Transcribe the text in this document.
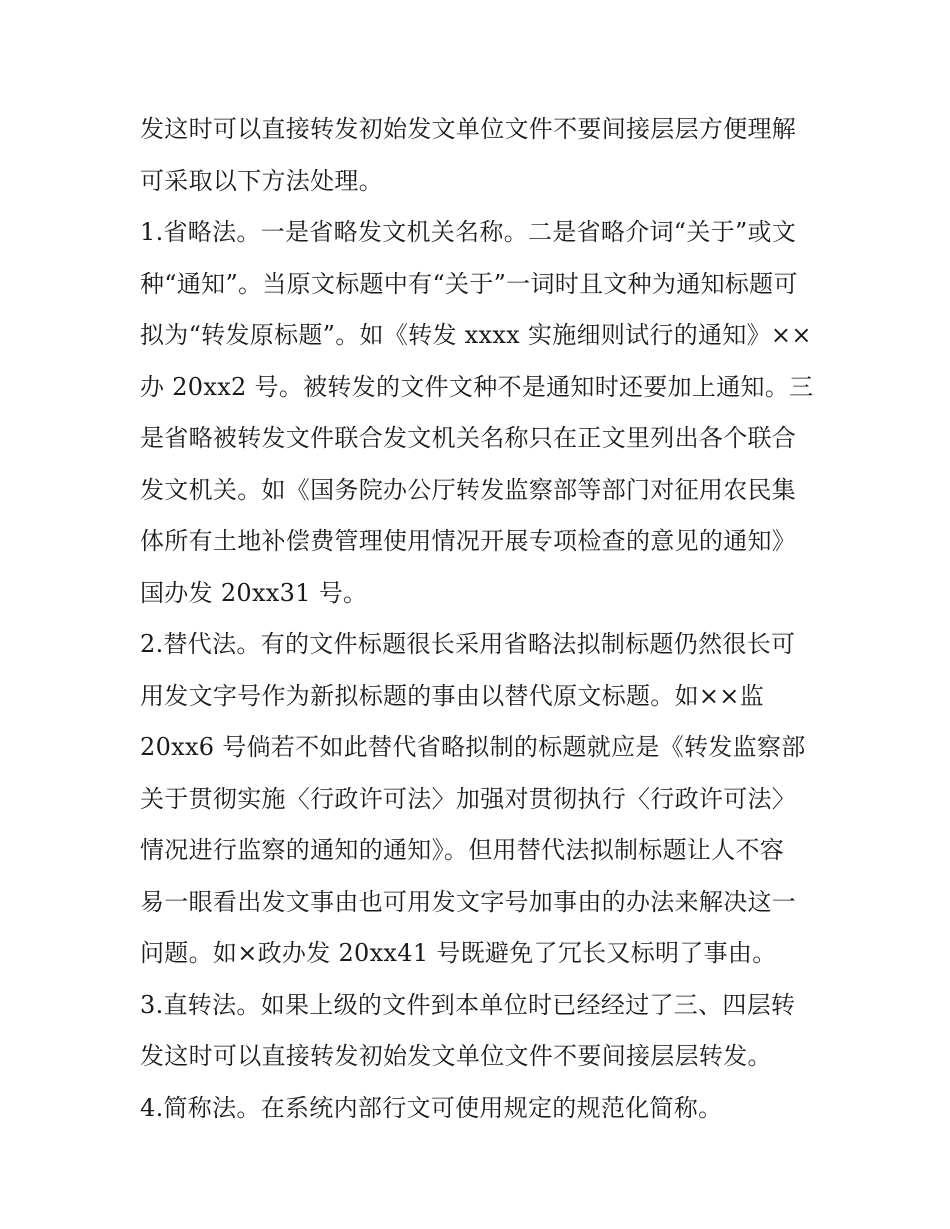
发这时可以直接转发初始发文单位文件不要间接层层方便理解
可采取以下方法处理。
1.省略法。一是省略发文机关名称。二是省略介词“关于”或文
种“通知”。当原文标题中有“关于”一词时且文种为通知标题可
拟为“转发原标题”。如《转发 xxxx 实施细则试行的通知》××
办 20xx2 号。被转发的文件文种不是通知时还要加上通知。三
是省略被转发文件联合发文机关名称只在正文里列出各个联合
发文机关。如《国务院办公厅转发监察部等部门对征用农民集
体所有土地补偿费管理使用情况开展专项检查的意见的通知》
国办发 20xx31 号。
2.替代法。有的文件标题很长采用省略法拟制标题仍然很长可
用发文字号作为新拟标题的事由以替代原文标题。如××监
20xx6 号倘若不如此替代省略拟制的标题就应是《转发监察部
关于贯彻实施〈行政许可法〉加强对贯彻执行〈行政许可法〉
情况进行监察的通知的通知》。但用替代法拟制标题让人不容
易一眼看出发文事由也可用发文字号加事由的办法来解决这一
问题。如×政办发 20xx41 号既避免了冗长又标明了事由。
3.直转法。如果上级的文件到本单位时已经经过了三、四层转
发这时可以直接转发初始发文单位文件不要间接层层转发。
4.简称法。在系统内部行文可使用规定的规范化简称。
